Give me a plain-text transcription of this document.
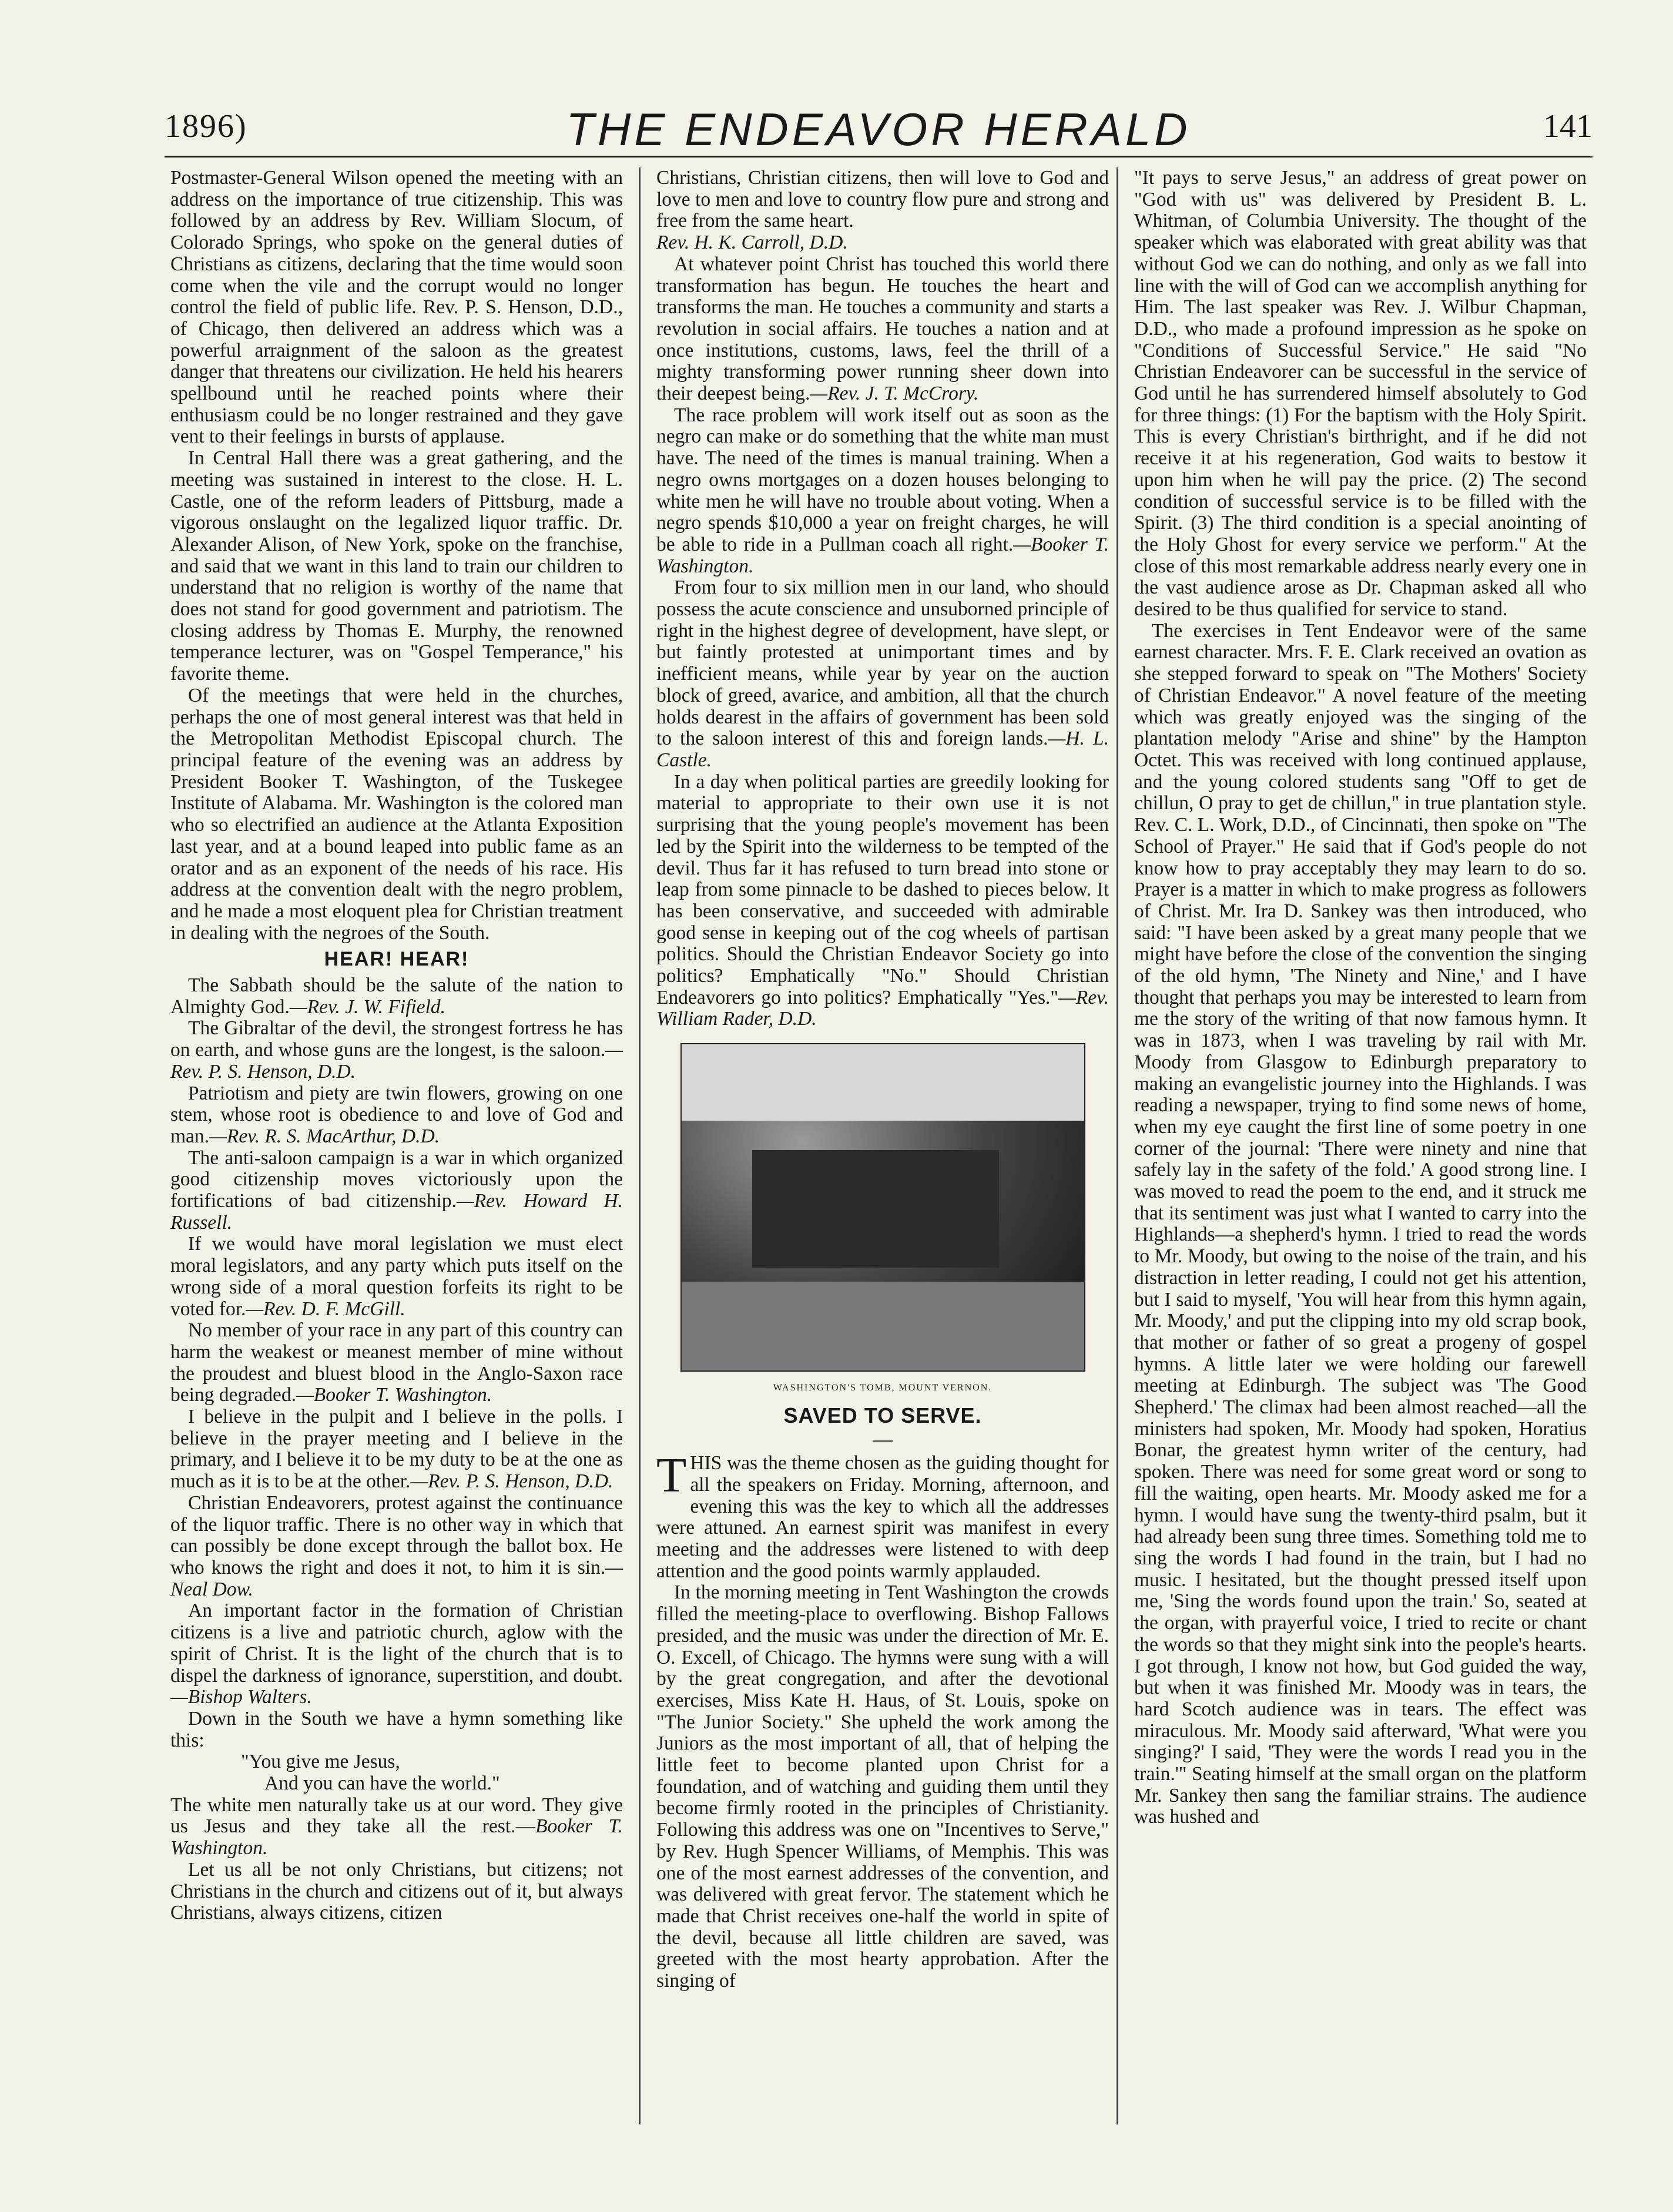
1896)	THE ENDEAVOR HERALD	141

Postmaster-General Wilson opened the meeting with an address on the importance of true citizenship. This was followed by an address by Rev. William Slocum, of Colorado Springs, who spoke on the general duties of Christians as citizens, declaring that the time would soon come when the vile and the corrupt would no longer control the field of public life. Rev. P. S. Henson, D.D., of Chicago, then delivered an address which was a powerful arraignment of the saloon as the greatest danger that threatens our civilization. He held his hearers spellbound until he reached points where their enthusiasm could be no longer restrained and they gave vent to their feelings in bursts of applause.

In Central Hall there was a great gathering, and the meeting was sustained in interest to the close. H. L. Castle, one of the reform leaders of Pittsburg, made a vigorous onslaught on the legalized liquor traffic. Dr. Alexander Alison, of New York, spoke on the franchise, and said that we want in this land to train our children to understand that no religion is worthy of the name that does not stand for good government and patriotism. The closing address by Thomas E. Murphy, the renowned temperance lecturer, was on "Gospel Temperance," his favorite theme.

Of the meetings that were held in the churches, perhaps the one of most general interest was that held in the Metropolitan Methodist Episcopal church. The principal feature of the evening was an address by President Booker T. Washington, of the Tuskegee Institute of Alabama. Mr. Washington is the colored man who so electrified an audience at the Atlanta Exposition last year, and at a bound leaped into public fame as an orator and as an exponent of the needs of his race. His address at the convention dealt with the negro problem, and he made a most eloquent plea for Christian treatment in dealing with the negroes of the South.

HEAR! HEAR!

The Sabbath should be the salute of the nation to Almighty God.—Rev. J. W. Fifield.

The Gibraltar of the devil, the strongest fortress he has on earth, and whose guns are the longest, is the saloon.—Rev. P. S. Henson, D.D.

Patriotism and piety are twin flowers, growing on one stem, whose root is obedience to and love of God and man.—Rev. R. S. MacArthur, D.D.

The anti-saloon campaign is a war in which organized good citizenship moves victoriously upon the fortifications of bad citizenship.—Rev. Howard H. Russell.

If we would have moral legislation we must elect moral legislators, and any party which puts itself on the wrong side of a moral question forfeits its right to be voted for.—Rev. D. F. McGill.

No member of your race in any part of this country can harm the weakest or meanest member of mine without the proudest and bluest blood in the Anglo-Saxon race being degraded.—Booker T. Washington.

I believe in the pulpit and I believe in the polls. I believe in the prayer meeting and I believe in the primary, and I believe it to be my duty to be at the one as much as it is to be at the other.—Rev. P. S. Henson, D.D.

Christian Endeavorers, protest against the continuance of the liquor traffic. There is no other way in which that can possibly be done except through the ballot box. He who knows the right and does it not, to him it is sin.—Neal Dow.

An important factor in the formation of Christian citizens is a live and patriotic church, aglow with the spirit of Christ. It is the light of the church that is to dispel the darkness of ignorance, superstition, and doubt.—Bishop Walters.

Down in the South we have a hymn something like this:

"You give me Jesus,

And you can have the world."

The white men naturally take us at our word. They give us Jesus and they take all the rest.—Booker T. Washington.

Let us all be not only Christians, but citizens; not Christians in the church and citizens out of it, but always Christians, always citizens, citizen

Christians, Christian citizens, then will love to God and love to men and love to country flow pure and strong and free from the same heart.

Rev. H. K. Carroll, D.D.

At whatever point Christ has touched this world there transformation has begun. He touches the heart and transforms the man. He touches a community and starts a revolution in social affairs. He touches a nation and at once institutions, customs, laws, feel the thrill of a mighty transforming power running sheer down into their deepest being.—Rev. J. T. McCrory.

The race problem will work itself out as soon as the negro can make or do something that the white man must have. The need of the times is manual training. When a negro owns mortgages on a dozen houses belonging to white men he will have no trouble about voting. When a negro spends $10,000 a year on freight charges, he will be able to ride in a Pullman coach all right.—Booker T. Washington.

From four to six million men in our land, who should possess the acute conscience and unsuborned principle of right in the highest degree of development, have slept, or but faintly protested at unimportant times and by inefficient means, while year by year on the auction block of greed, avarice, and ambition, all that the church holds dearest in the affairs of government has been sold to the saloon interest of this and foreign lands.—H. L. Castle.

In a day when political parties are greedily looking for material to appropriate to their own use it is not surprising that the young people's movement has been led by the Spirit into the wilderness to be tempted of the devil. Thus far it has refused to turn bread into stone or leap from some pinnacle to be dashed to pieces below. It has been conservative, and succeeded with admirable good sense in keeping out of the cog wheels of partisan politics. Should the Christian Endeavor Society go into politics? Emphatically "No." Should Christian Endeavorers go into politics? Emphatically "Yes."—Rev. William Rader, D.D.

WASHINGTON'S TOMB, MOUNT VERNON.
SAVED TO SERVE.
—

THIS was the theme chosen as the guiding thought for all the speakers on Friday. Morning, afternoon, and evening this was the key to which all the addresses were attuned. An earnest spirit was manifest in every meeting and the addresses were listened to with deep attention and the good points warmly applauded.

In the morning meeting in Tent Washington the crowds filled the meeting-place to overflowing. Bishop Fallows presided, and the music was under the direction of Mr. E. O. Excell, of Chicago. The hymns were sung with a will by the great congregation, and after the devotional exercises, Miss Kate H. Haus, of St. Louis, spoke on "The Junior Society." She upheld the work among the Juniors as the most important of all, that of helping the little feet to become planted upon Christ for a foundation, and of watching and guiding them until they become firmly rooted in the principles of Christianity. Following this address was one on "Incentives to Serve," by Rev. Hugh Spencer Williams, of Memphis. This was one of the most earnest addresses of the convention, and was delivered with great fervor. The statement which he made that Christ receives one-half the world in spite of the devil, because all little children are saved, was greeted with the most hearty approbation. After the singing of

"It pays to serve Jesus," an address of great power on "God with us" was delivered by President B. L. Whitman, of Columbia University. The thought of the speaker which was elaborated with great ability was that without God we can do nothing, and only as we fall into line with the will of God can we accomplish anything for Him. The last speaker was Rev. J. Wilbur Chapman, D.D., who made a profound impression as he spoke on "Conditions of Successful Service." He said "No Christian Endeavorer can be successful in the service of God until he has surrendered himself absolutely to God for three things: (1) For the baptism with the Holy Spirit. This is every Christian's birthright, and if he did not receive it at his regeneration, God waits to bestow it upon him when he will pay the price. (2) The second condition of successful service is to be filled with the Spirit. (3) The third condition is a special anointing of the Holy Ghost for every service we perform." At the close of this most remarkable address nearly every one in the vast audience arose as Dr. Chapman asked all who desired to be thus qualified for service to stand.

The exercises in Tent Endeavor were of the same earnest character. Mrs. F. E. Clark received an ovation as she stepped forward to speak on "The Mothers' Society of Christian Endeavor." A novel feature of the meeting which was greatly enjoyed was the singing of the plantation melody "Arise and shine" by the Hampton Octet. This was received with long continued applause, and the young colored students sang "Off to get de chillun, O pray to get de chillun," in true plantation style. Rev. C. L. Work, D.D., of Cincinnati, then spoke on "The School of Prayer." He said that if God's people do not know how to pray acceptably they may learn to do so. Prayer is a matter in which to make progress as followers of Christ. Mr. Ira D. Sankey was then introduced, who said: "I have been asked by a great many people that we might have before the close of the convention the singing of the old hymn, 'The Ninety and Nine,' and I have thought that perhaps you may be interested to learn from me the story of the writing of that now famous hymn. It was in 1873, when I was traveling by rail with Mr. Moody from Glasgow to Edinburgh preparatory to making an evangelistic journey into the Highlands. I was reading a newspaper, trying to find some news of home, when my eye caught the first line of some poetry in one corner of the journal: 'There were ninety and nine that safely lay in the safety of the fold.' A good strong line. I was moved to read the poem to the end, and it struck me that its sentiment was just what I wanted to carry into the Highlands—a shepherd's hymn. I tried to read the words to Mr. Moody, but owing to the noise of the train, and his distraction in letter reading, I could not get his attention, but I said to myself, 'You will hear from this hymn again, Mr. Moody,' and put the clipping into my old scrap book, that mother or father of so great a progeny of gospel hymns. A little later we were holding our farewell meeting at Edinburgh. The subject was 'The Good Shepherd.' The climax had been almost reached—all the ministers had spoken, Mr. Moody had spoken, Horatius Bonar, the greatest hymn writer of the century, had spoken. There was need for some great word or song to fill the waiting, open hearts. Mr. Moody asked me for a hymn. I would have sung the twenty-third psalm, but it had already been sung three times. Something told me to sing the words I had found in the train, but I had no music. I hesitated, but the thought pressed itself upon me, 'Sing the words found upon the train.' So, seated at the organ, with prayerful voice, I tried to recite or chant the words so that they might sink into the people's hearts. I got through, I know not how, but God guided the way, but when it was finished Mr. Moody was in tears, the hard Scotch audience was in tears. The effect was miraculous. Mr. Moody said afterward, 'What were you singing?' I said, 'They were the words I read you in the train.'" Seating himself at the small organ on the platform Mr. Sankey then sang the familiar strains. The audience was hushed and
